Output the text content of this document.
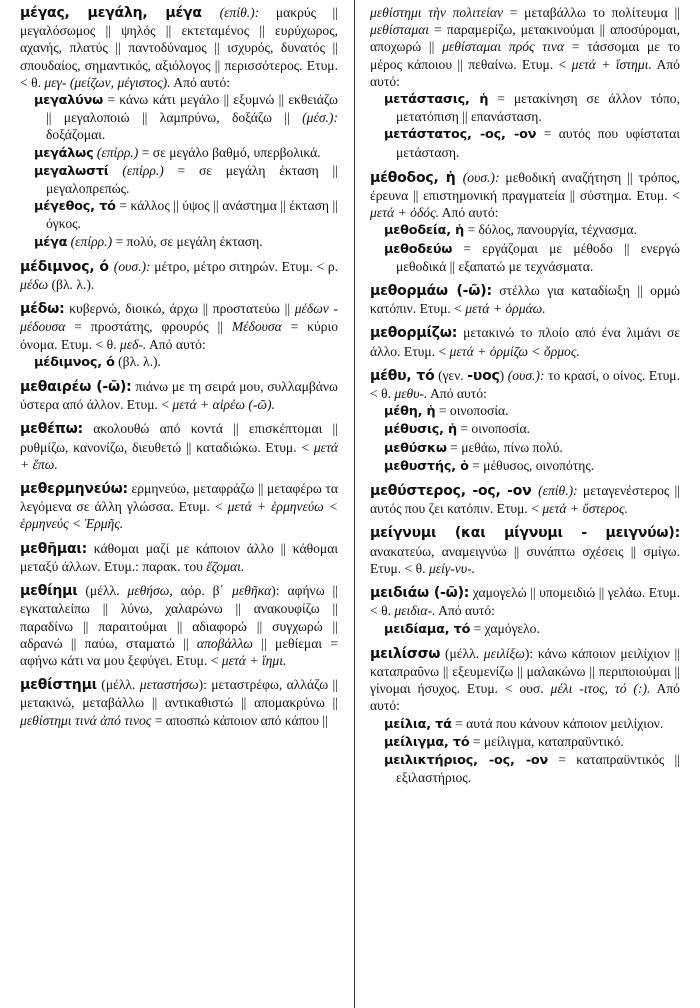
μέγας, μεγάλη, μέγα (επίθ.): μακρύς || μεγαλόσωμος || ψηλός || εκτεταμένος || ευρύχωρος, αχανής, πλατύς || παντοδύναμος || ισχυρός, δυνατός || σπουδαίος, σημαντικός, αξιόλογος || περισσότερος. Ετυμ. < θ. μεγ- (μείζων, μέγιστος). Από αυτό:
μεγαλύνω = κάνω κάτι μεγάλο || εξυμνώ || εκθειάζω || μεγαλοποιώ || λαμπρύνω, δοξάζω || (μέσ.): δοξάζομαι.
μεγάλως (επίρρ.) = σε μεγάλο βαθμό, υπερβολικά.
μεγαλωστί (επίρρ.) = σε μεγάλη έκταση || μεγαλοπρεπώς.
μέγεθος, τό = κάλλος || ύψος || ανάστημα || έκταση || όγκος.
μέγα (επίρρ.) = πολύ, σε μεγάλη έκταση.
μέδιμνος, ό (ουσ.): μέτρο, μέτρο σιτηρών. Ετυμ. < ρ. μέδω (βλ. λ.).
μέδω: κυβερνώ, διοικώ, άρχω || προστατεύω || μέδων - μέδουσα = προστάτης, φρουρός || Μέδουσα = κύριο όνομα. Ετυμ. < θ. μεδ-. Από αυτό:
μέδιμνος, ό (βλ. λ.).
μεθαιρέω (-ῶ): πιάνω με τη σειρά μου, συλλαμβάνω ύστερα από άλλον. Ετυμ. < μετά + αἱρέω (-ῶ).
μεθέπω: ακολουθώ από κοντά || επισκέπτομαι || ρυθμίζω, κανονίζω, διευθετώ || καταδιώκω. Ετυμ. < μετά + ἕπω.
μεθερμηνεύω: ερμηνεύω, μεταφράζω || μεταφέρω τα λεγόμενα σε άλλη γλώσσα. Ετυμ. < μετά + ἑρμηνεύω < ἑρμηνεύς < Ἑρμῆς.
μεθῆμαι: κάθομαι μαζί με κάποιον άλλο || κάθομαι μεταξύ άλλων. Ετυμ.: παρακ. του ἕζομαι.
μεθίημι (μέλλ. μεθήσω, αόρ. β΄ μεθῆκα): αφήνω || εγκαταλείπω || λύνω, χαλαρώνω || ανακουφίζω || παραδίνω || παραιτούμαι || αδιαφορώ || συγχωρώ || αδρανώ || παύω, σταματώ || αποβάλλω || μεθίεμαι = αφήνω κάτι να μου ξεφύγει. Ετυμ. < μετά + ἵημι.
μεθίστημι (μέλλ. μεταστήσω): μεταστρέφω, αλλάζω || μετακινώ, μεταβάλλω || αντικαθιστώ || απομακρύνω || μεθίστημι τινά ἀπό τινος = αποσπώ κάποιον από κάπου ||
μεθίστημι τὴν πολιτείαν = μεταβάλλω το πολίτευμα || μεθίσταμαι = παραμερίζω, μετακινούμαι || αποσύρομαι, αποχωρώ || μεθίσταμαι πρός τινα = τάσσομαι με το μέρος κάποιου || πεθαίνω. Ετυμ. < μετά + ἵστημι. Από αυτό:
μετάστασις, ἡ = μετακίνηση σε άλλον τόπο, μετατόπιση || επανάσταση.
μετάστατος, -ος, -ον = αυτός που υφίσταται μετάσταση.
μέθοδος, ἡ (ουσ.): μεθοδική αναζήτηση || τρόπος, έρευνα || επιστημονική πραγματεία || σύστημα. Ετυμ. < μετά + ὁδός. Από αυτό:
μεθοδεία, ἡ = δόλος, πανουργία, τέχνασμα.
μεθοδεύω = εργάζομαι με μέθοδο || ενεργώ μεθοδικά || εξαπατώ με τεχνάσματα.
μεθορμάω (-ῶ): στέλλω για καταδίωξη || ορμώ κατόπιν. Ετυμ. < μετά + ὁρμάω.
μεθορμίζω: μετακινώ το πλοίο από ένα λιμάνι σε άλλο. Ετυμ. < μετά + ὁρμίζω < ὅρμος.
μέθυ, τό (γεν. -υος) (ουσ.): το κρασί, ο οίνος. Ετυμ. < θ. μεθυ-. Από αυτό:
μέθη, ἡ = οινοποσία.
μέθυσις, ἡ = οινοποσία.
μεθύσκω = μεθάω, πίνω πολύ.
μεθυστής, ὁ = μέθυσος, οινοπότης.
μεθύστερος, -ος, -ον (επίθ.): μεταγενέστερος || αυτός που ζει κατόπιν. Ετυμ. < μετά + ὕστερος.
μείγνυμι (και μίγνυμι - μειγνύω): ανακατεύω, αναμειγνύω || συνάπτω σχέσεις || σμίγω. Ετυμ. < θ. μείγ-νυ-.
μειδιάω (-ῶ): χαμογελώ || υπομειδιώ || γελάω. Ετυμ. < θ. μειδια-. Από αυτό:
μειδίαμα, τό = χαμόγελο.
μειλίσσω (μέλλ. μειλίξω): κάνω κάποιον μειλίχιον || καταπραΰνω || εξευμενίζω || μαλακώνω || περιποιούμαι || γίνομαι ήσυχος. Ετυμ. < ουσ. μέλι -ιτος, τό (:). Από αυτό:
μείλια, τά = αυτά που κάνουν κάποιον μειλίχιον.
μείλιγμα, τό = μείλιγμα, καταπραϋντικό.
μειλικτήριος, -ος, -ον = καταπραϋντικός || εξιλαστήριος.
